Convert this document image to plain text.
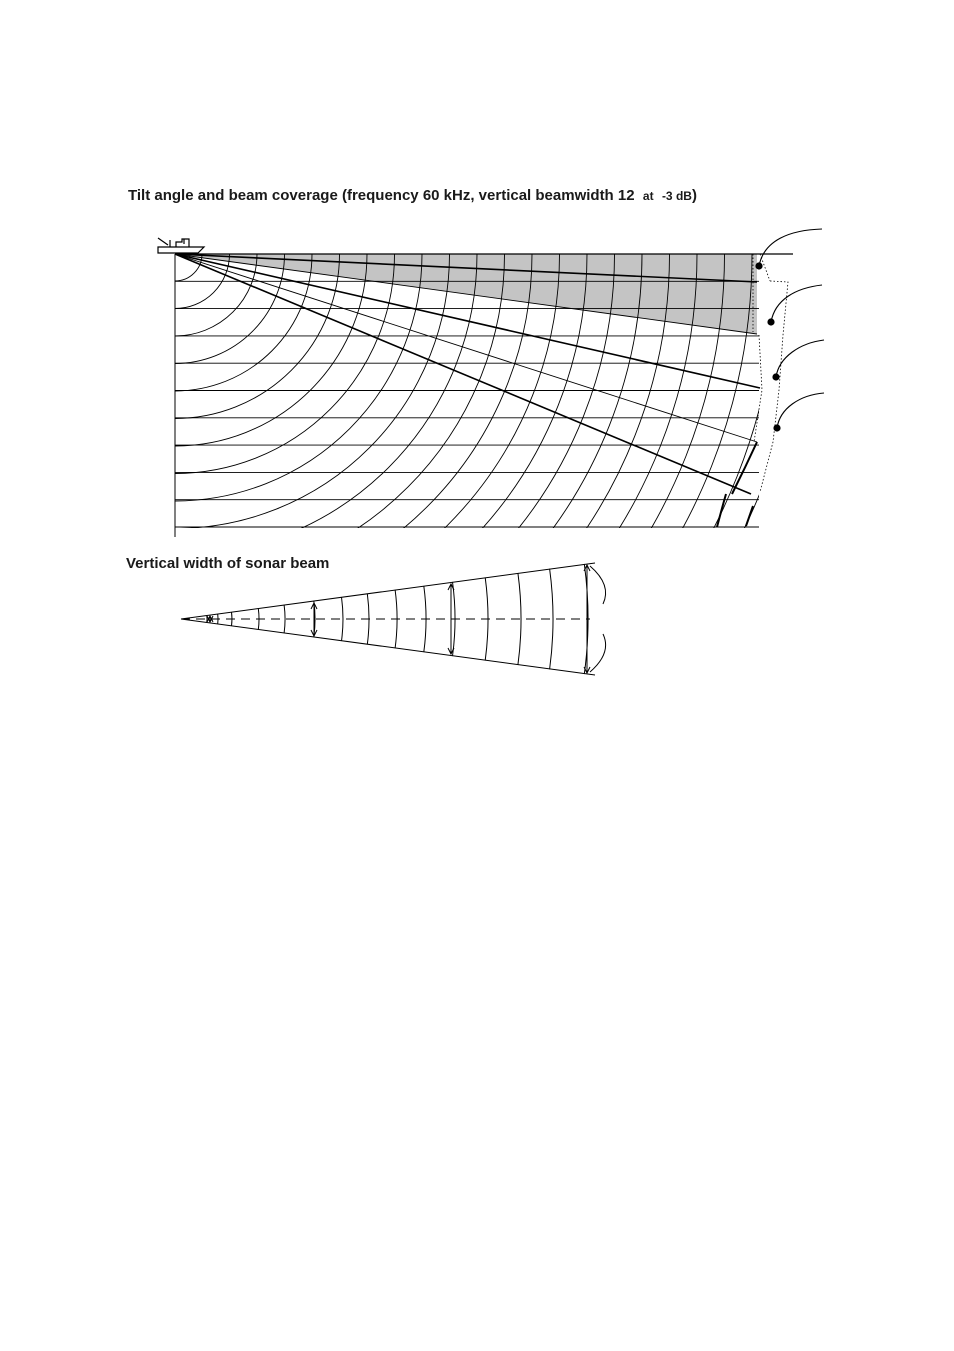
Tilt angle and beam coverage (frequency 60 kHz, vertical beamwidth 12 at -3 dB)
Vertical width of sonar beam
